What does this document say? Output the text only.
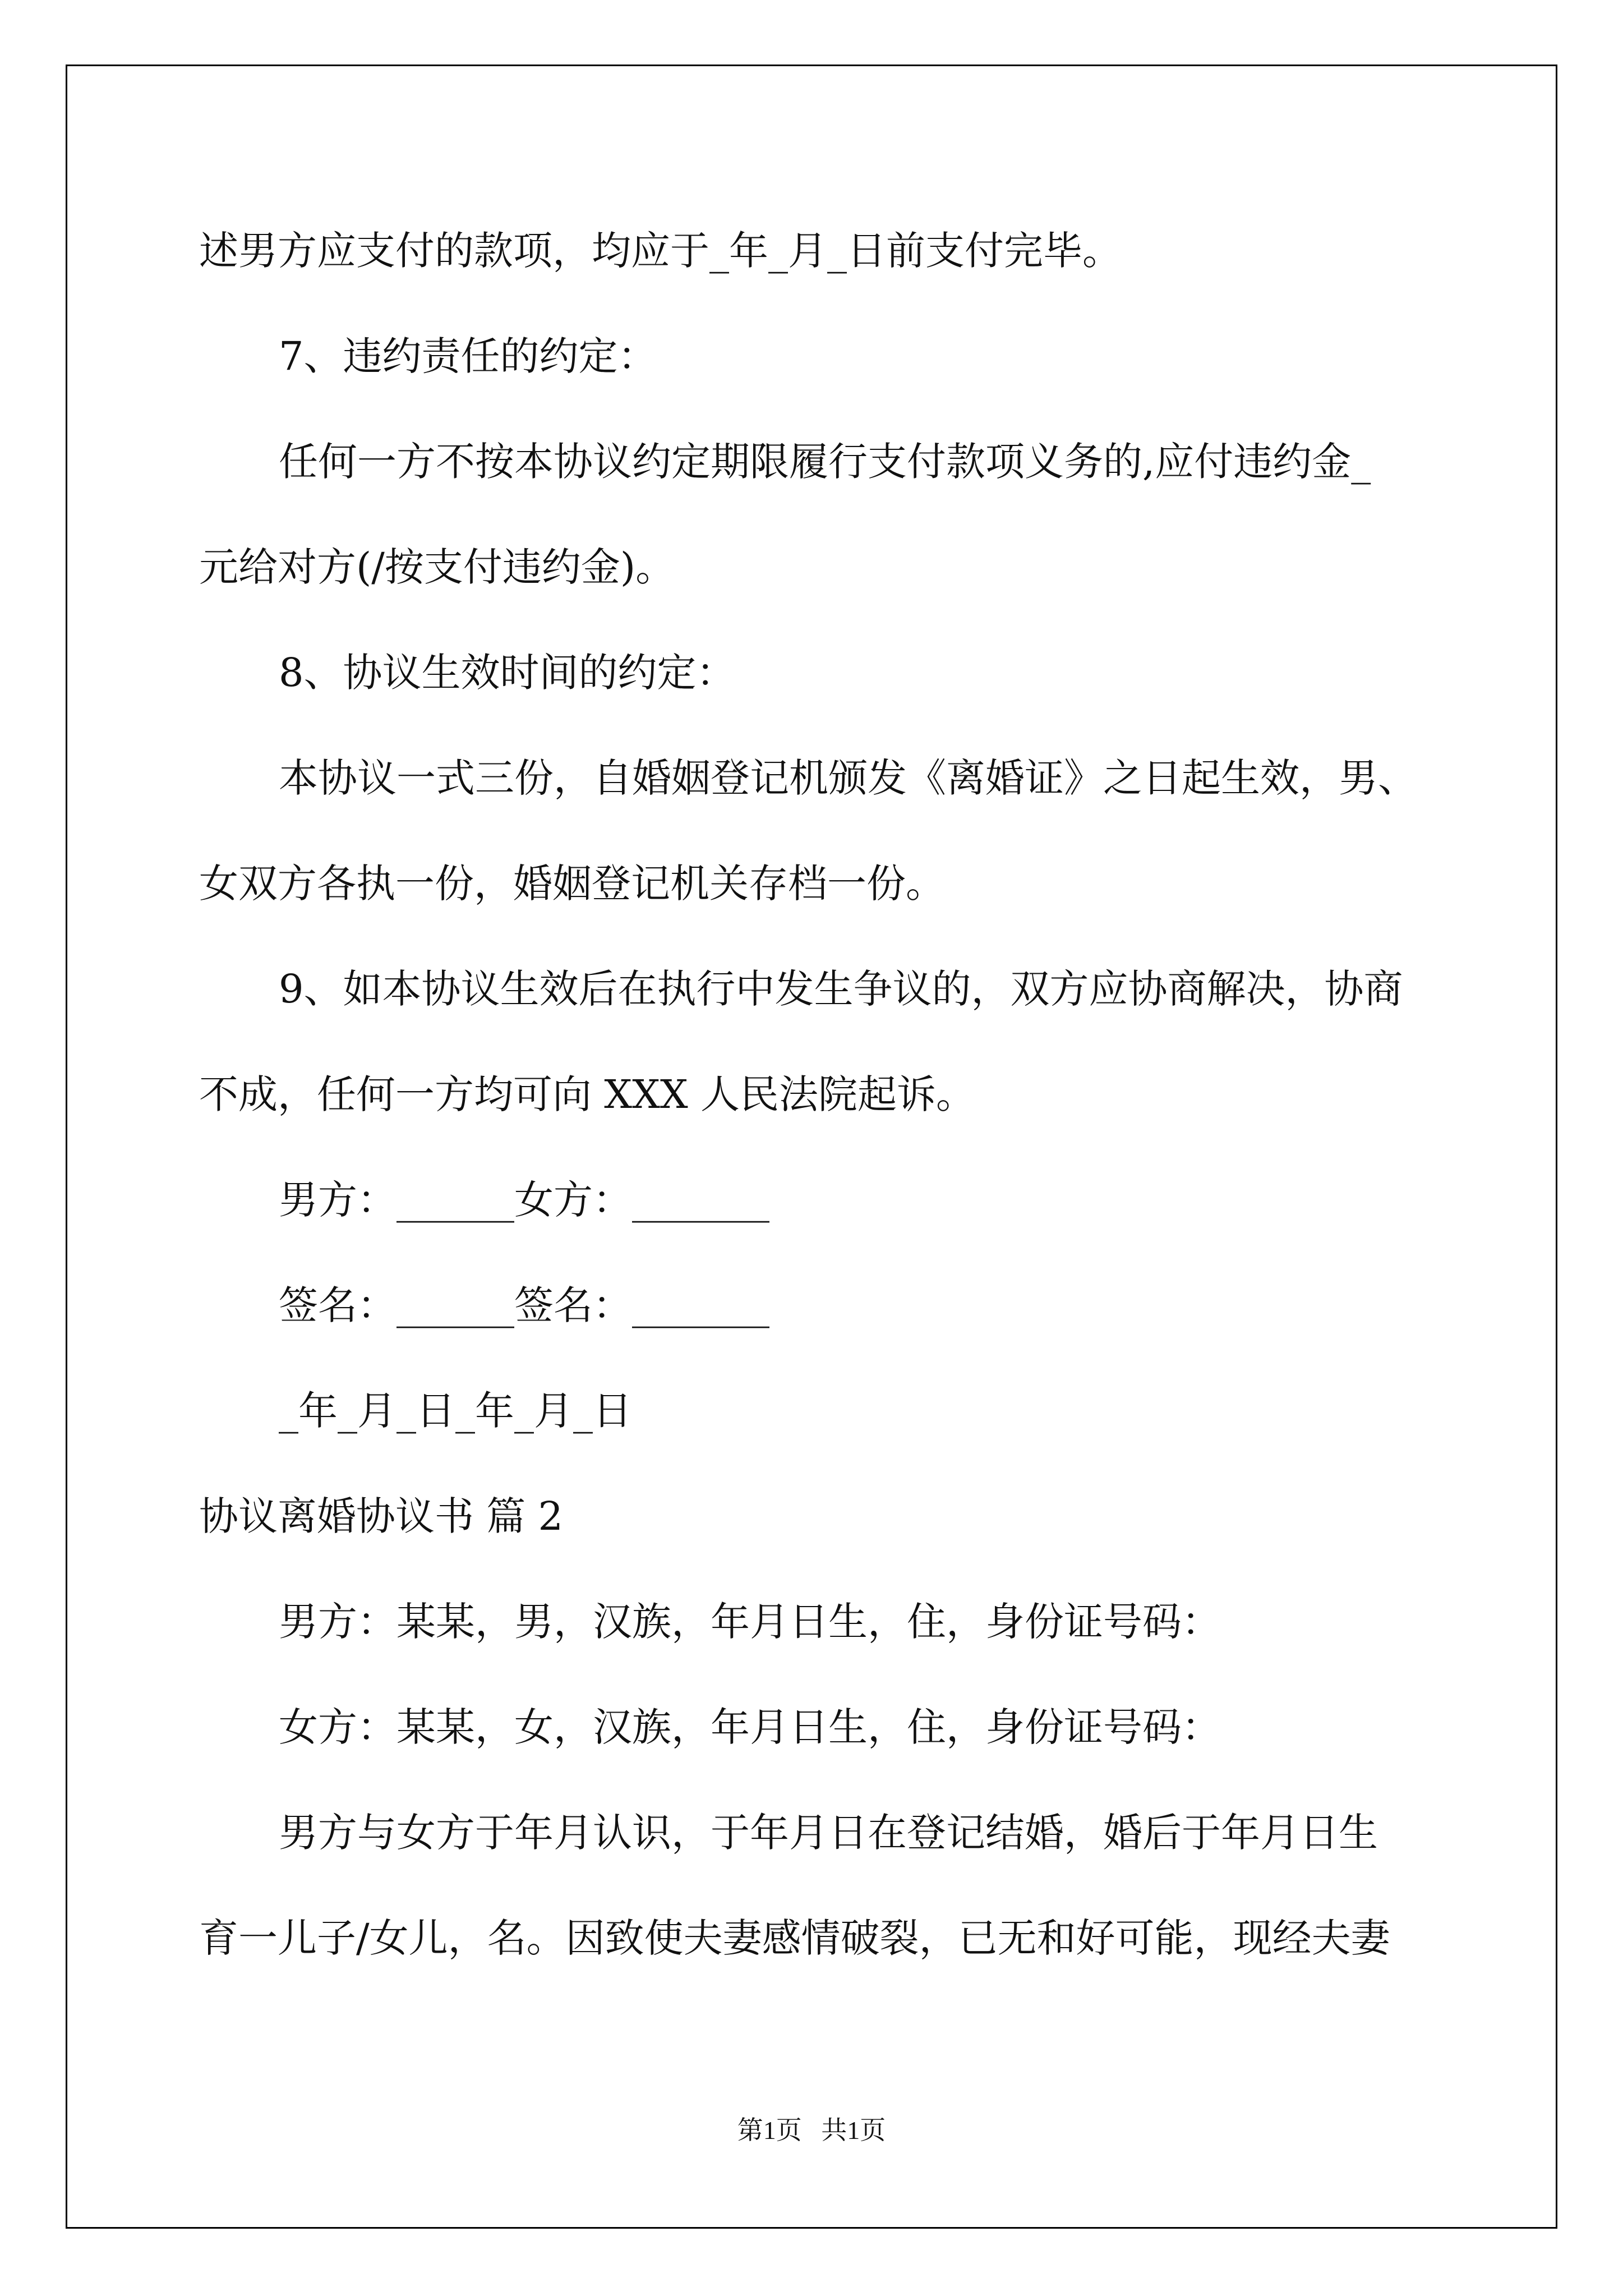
述男方应支付的款项，均应于_年_月_日前支付完毕。

7、违约责任的约定：

任何一方不按本协议约定期限履行支付款项义务的,应付违约金_

元给对方(/按支付违约金)。

8、协议生效时间的约定：

本协议一式三份，自婚姻登记机颁发《离婚证》之日起生效，男、

女双方各执一份，婚姻登记机关存档一份。

9、如本协议生效后在执行中发生争议的，双方应协商解决，协商

不成，任何一方均可向 XXX 人民法院起诉。

男方：______女方：_______

签名：______签名：_______

_年_月_日_年_月_日

协议离婚协议书 篇 2

男方：某某，男，汉族，年月日生，住，身份证号码：

女方：某某，女，汉族，年月日生，住，身份证号码：

男方与女方于年月认识，于年月日在登记结婚，婚后于年月日生

育一儿子/女儿，名。因致使夫妻感情破裂，已无和好可能，现经夫妻

第1页   共1页
